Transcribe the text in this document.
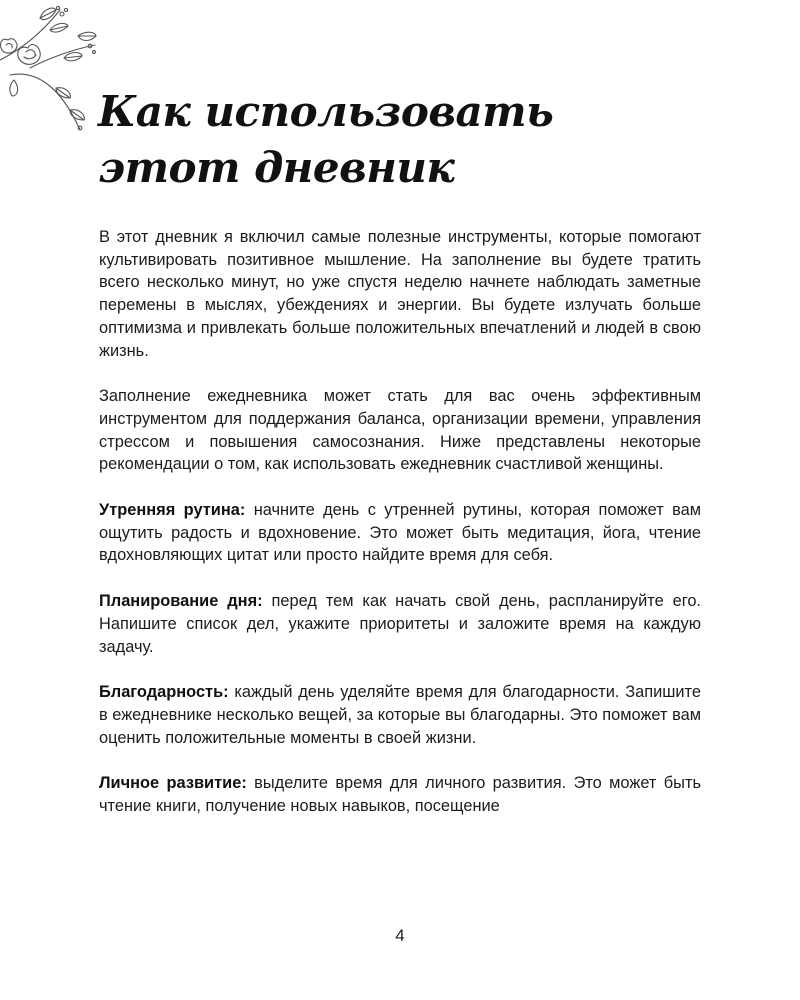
Как использовать
этот дневник

В этот дневник я включил самые полезные инструменты, которые помогают культивировать позитивное мышление. На заполнение вы будете тратить всего несколько минут, но уже спустя неделю начнете наблюдать заметные перемены в мыслях, убеждениях и энергии. Вы будете излучать больше оптимизма и привлекать больше положительных впечатлений и людей в свою жизнь.

Заполнение ежедневника может стать для вас очень эффективным инструментом для поддержания баланса, организации времени, управления стрессом и повышения самосознания. Ниже представлены некоторые рекомендации о том, как использовать ежедневник счастливой женщины.

Утренняя рутина: начните день с утренней рутины, которая поможет вам ощутить радость и вдохновение. Это может быть медитация, йога, чтение вдохновляющих цитат или просто найдите время для себя.

Планирование дня: перед тем как начать свой день, распланируйте его. Напишите список дел, укажите приоритеты и заложите время на каждую задачу.

Благодарность: каждый день уделяйте время для благодарности. Запишите в ежедневнике несколько вещей, за которые вы благодарны. Это поможет вам оценить положительные моменты в своей жизни.

Личное развитие: выделите время для личного развития. Это может быть чтение книги, получение новых навыков, посещение

4
